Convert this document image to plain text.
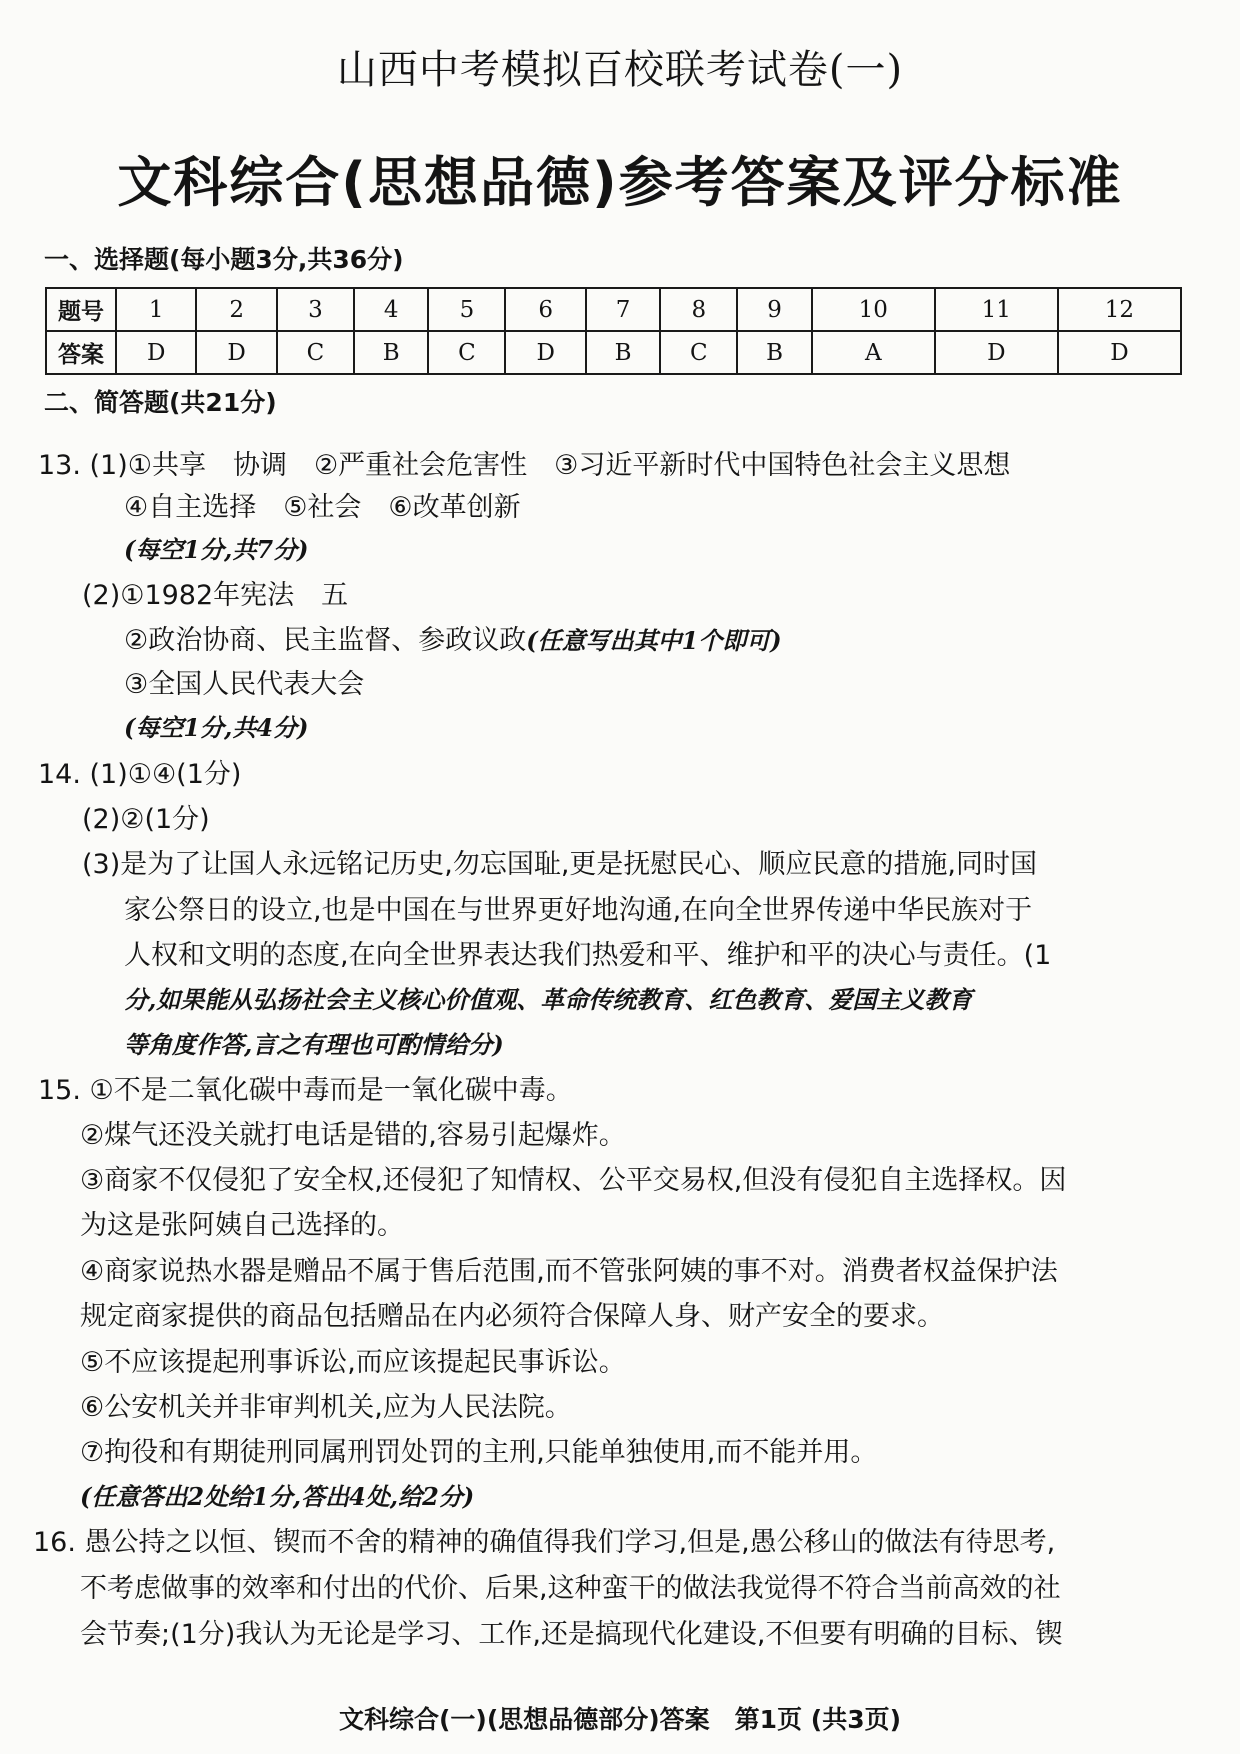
山西中考模拟百校联考试卷(一)
文科综合(思想品德)参考答案及评分标准
一、选择题(每小题3分,共36分)
题号	1	2	3	4	5	6	7	8	9	10	11	12
答案	D	D	C	B	C	D	B	C	B	A	D	D
二、简答题(共21分)
13. (1)①共享　协调　②严重社会危害性　③习近平新时代中国特色社会主义思想
④自主选择　⑤社会　⑥改革创新
(每空1分,共7分)
(2)①1982年宪法　五
②政治协商、民主监督、参政议政(任意写出其中1个即可)
③全国人民代表大会
(每空1分,共4分)
14. (1)①④(1分)
(2)②(1分)
(3)是为了让国人永远铭记历史,勿忘国耻,更是抚慰民心、顺应民意的措施,同时国
家公祭日的设立,也是中国在与世界更好地沟通,在向全世界传递中华民族对于
人权和文明的态度,在向全世界表达我们热爱和平、维护和平的决心与责任。(1
分,如果能从弘扬社会主义核心价值观、革命传统教育、红色教育、爱国主义教育
等角度作答,言之有理也可酌情给分)
15. ①不是二氧化碳中毒而是一氧化碳中毒。
②煤气还没关就打电话是错的,容易引起爆炸。
③商家不仅侵犯了安全权,还侵犯了知情权、公平交易权,但没有侵犯自主选择权。因
为这是张阿姨自己选择的。
④商家说热水器是赠品不属于售后范围,而不管张阿姨的事不对。消费者权益保护法
规定商家提供的商品包括赠品在内必须符合保障人身、财产安全的要求。
⑤不应该提起刑事诉讼,而应该提起民事诉讼。
⑥公安机关并非审判机关,应为人民法院。
⑦拘役和有期徒刑同属刑罚处罚的主刑,只能单独使用,而不能并用。
(任意答出2处给1分,答出4处,给2分)
16. 愚公持之以恒、锲而不舍的精神的确值得我们学习,但是,愚公移山的做法有待思考,
不考虑做事的效率和付出的代价、后果,这种蛮干的做法我觉得不符合当前高效的社
会节奏;(1分)我认为无论是学习、工作,还是搞现代化建设,不但要有明确的目标、锲
文科综合(一)(思想品德部分)答案　第1页 (共3页)
